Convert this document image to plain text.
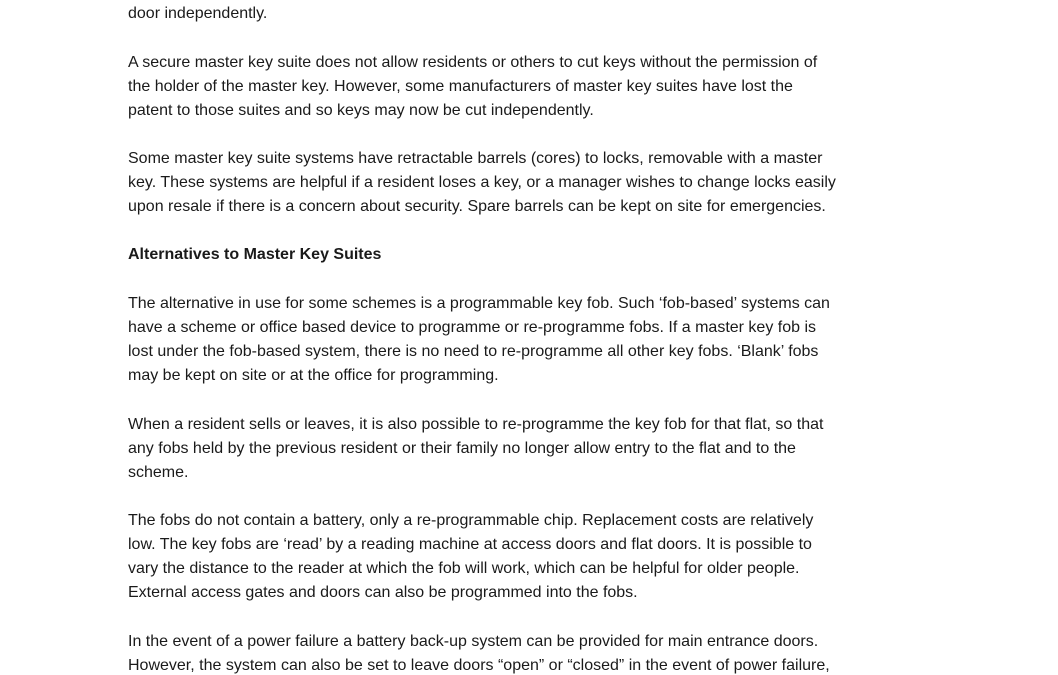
door independently.
A secure master key suite does not allow residents or others to cut keys without the permission of
the holder of the master key. However, some manufacturers of master key suites have lost the
patent to those suites and so keys may now be cut independently.
Some master key suite systems have retractable barrels (cores) to locks, removable with a master
key. These systems are helpful if a resident loses a key, or a manager wishes to change locks easily
upon resale if there is a concern about security. Spare barrels can be kept on site for emergencies.
Alternatives to Master Key Suites
The alternative in use for some schemes is a programmable key fob. Such ‘fob-based’ systems can
have a scheme or office based device to programme or re-programme fobs. If a master key fob is
lost under the fob-based system, there is no need to re-programme all other key fobs. ‘Blank’ fobs
may be kept on site or at the office for programming.
When a resident sells or leaves, it is also possible to re-programme the key fob for that flat, so that
any fobs held by the previous resident or their family no longer allow entry to the flat and to the
scheme.
The fobs do not contain a battery, only a re-programmable chip. Replacement costs are relatively
low. The key fobs are ‘read’ by a reading machine at access doors and flat doors. It is possible to
vary the distance to the reader at which the fob will work, which can be helpful for older people.
External access gates and doors can also be programmed into the fobs.
In the event of a power failure a battery back-up system can be provided for main entrance doors.
However, the system can also be set to leave doors “open” or “closed” in the event of power failure,
